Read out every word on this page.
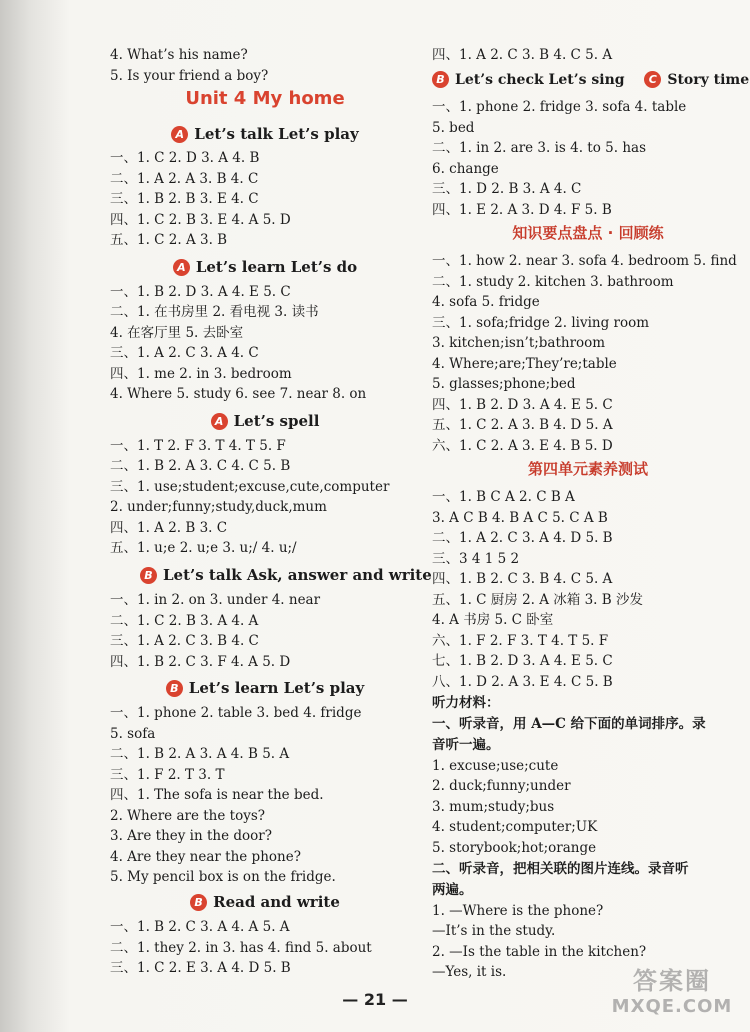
4. What’s his name?
5. Is your friend a boy?
Unit 4 My home
A Let’s talk Let’s play
一、1. C 2. D 3. A 4. B
二、1. A 2. A 3. B 4. C
三、1. B 2. B 3. E 4. C
四、1. C 2. B 3. E 4. A 5. D
五、1. C 2. A 3. B
A Let’s learn Let’s do
一、1. B 2. D 3. A 4. E 5. C
二、1. 在书房里 2. 看电视 3. 读书
4. 在客厅里 5. 去卧室
三、1. A 2. C 3. A 4. C
四、1. me 2. in 3. bedroom
4. Where 5. study 6. see 7. near 8. on
A Let’s spell
一、1. T 2. F 3. T 4. T 5. F
二、1. B 2. A 3. C 4. C 5. B
三、1. use;student;excuse,cute,computer
2. under;funny;study,duck,mum
四、1. A 2. B 3. C
五、1. u;e 2. u;e 3. u;/ 4. u;/
B Let’s talk Ask, answer and write
一、1. in 2. on 3. under 4. near
二、1. C 2. B 3. A 4. A
三、1. A 2. C 3. B 4. C
四、1. B 2. C 3. F 4. A 5. D
B Let’s learn Let’s play
一、1. phone 2. table 3. bed 4. fridge
5. sofa
二、1. B 2. A 3. A 4. B 5. A
三、1. F 2. T 3. T
四、1. The sofa is near the bed.
2. Where are the toys?
3. Are they in the door?
4. Are they near the phone?
5. My pencil box is on the fridge.
B Read and write
一、1. B 2. C 3. A 4. A 5. A
二、1. they 2. in 3. has 4. find 5. about
三、1. C 2. E 3. A 4. D 5. B
四、1. A 2. C 3. B 4. C 5. A
B Let’s check Let’s sing C Story time
一、1. phone 2. fridge 3. sofa 4. table
5. bed
二、1. in 2. are 3. is 4. to 5. has
6. change
三、1. D 2. B 3. A 4. C
四、1. E 2. A 3. D 4. F 5. B
知识要点盘点 · 回顾练
一、1. how 2. near 3. sofa 4. bedroom 5. find
二、1. study 2. kitchen 3. bathroom
4. sofa 5. fridge
三、1. sofa;fridge 2. living room
3. kitchen;isn’t;bathroom
4. Where;are;They’re;table
5. glasses;phone;bed
四、1. B 2. D 3. A 4. E 5. C
五、1. C 2. A 3. B 4. D 5. A
六、1. C 2. A 3. E 4. B 5. D
第四单元素养测试
一、1. B C A 2. C B A
3. A C B 4. B A C 5. C A B
二、1. A 2. C 3. A 4. D 5. B
三、3 4 1 5 2
四、1. B 2. C 3. B 4. C 5. A
五、1. C 厨房 2. A 冰箱 3. B 沙发
4. A 书房 5. C 卧室
六、1. F 2. F 3. T 4. T 5. F
七、1. B 2. D 3. A 4. E 5. C
八、1. D 2. A 3. E 4. C 5. B
听力材料：
一、听录音，用 A—C 给下面的单词排序。录
音听一遍。
1. excuse;use;cute
2. duck;funny;under
3. mum;study;bus
4. student;computer;UK
5. storybook;hot;orange
二、听录音，把相关联的图片连线。录音听
两遍。
1. —Where is the phone?
—It’s in the study.
2. —Is the table in the kitchen?
—Yes, it is.
— 21 —
答案圈
MXQE.COM
